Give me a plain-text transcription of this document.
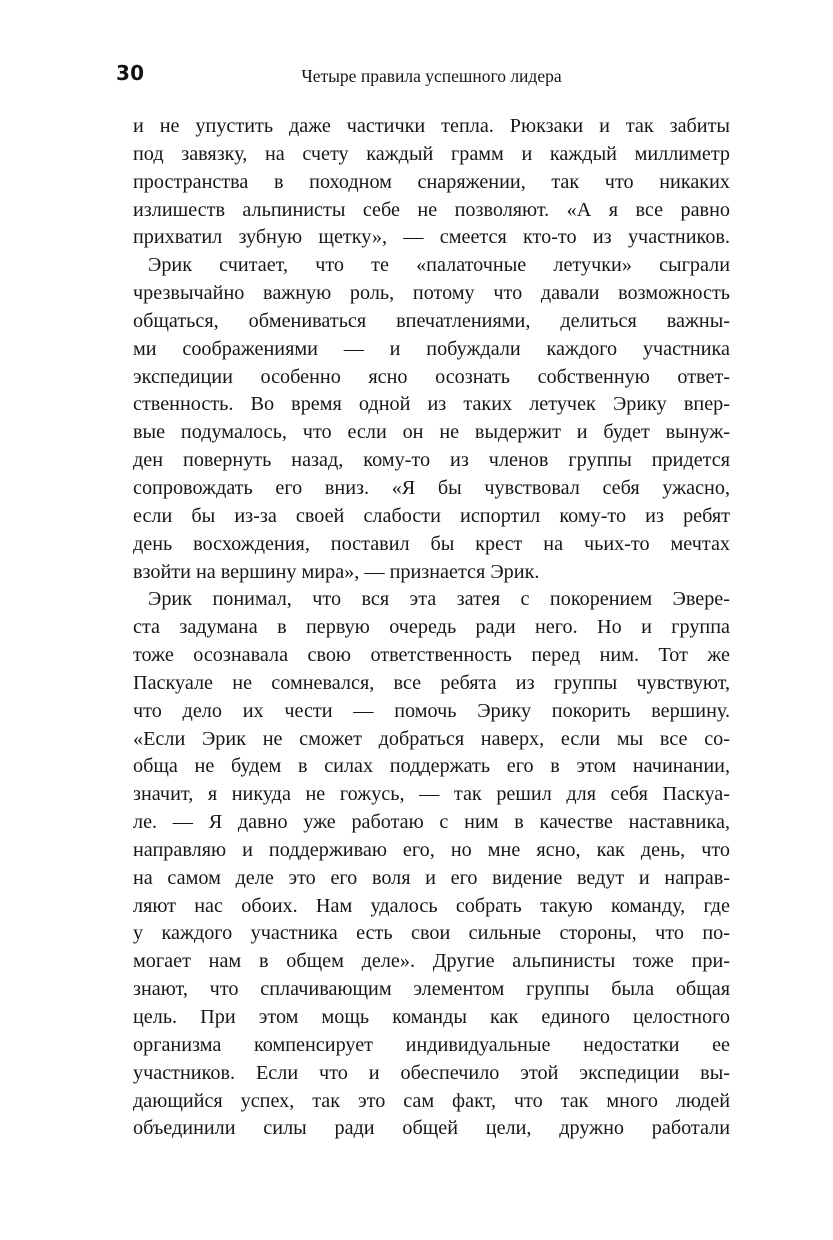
30	Четыре правила успешного лидера
и не упустить даже частички тепла. Рюкзаки и так забиты
под завязку, на счету каждый грамм и каждый миллиметр
пространства в походном снаряжении, так что никаких
излишеств альпинисты себе не позволяют. «А я все равно
прихватил зубную щетку», — смеется кто-то из участников.
Эрик считает, что те «палаточные летучки» сыграли
чрезвычайно важную роль, потому что давали возможность
общаться, обмениваться впечатлениями, делиться важны-
ми соображениями — и побуждали каждого участника
экспедиции особенно ясно осознать собственную ответ-
ственность. Во время одной из таких летучек Эрику впер-
вые подумалось, что если он не выдержит и будет вынуж-
ден повернуть назад, кому-то из членов группы придется
сопровождать его вниз. «Я бы чувствовал себя ужасно,
если бы из-за своей слабости испортил кому-то из ребят
день восхождения, поставил бы крест на чьих-то мечтах
взойти на вершину мира», — признается Эрик.
Эрик понимал, что вся эта затея с покорением Эвере-
ста задумана в первую очередь ради него. Но и группа
тоже осознавала свою ответственность перед ним. Тот же
Паскуале не сомневался, все ребята из группы чувствуют,
что дело их чести — помочь Эрику покорить вершину.
«Если Эрик не сможет добраться наверх, если мы все со-
обща не будем в силах поддержать его в этом начинании,
значит, я никуда не гожусь, — так решил для себя Паскуа-
ле. — Я давно уже работаю с ним в качестве наставника,
направляю и поддерживаю его, но мне ясно, как день, что
на самом деле это его воля и его видение ведут и направ-
ляют нас обоих. Нам удалось собрать такую команду, где
у каждого участника есть свои сильные стороны, что по-
могает нам в общем деле». Другие альпинисты тоже при-
знают, что сплачивающим элементом группы была общая
цель. При этом мощь команды как единого целостного
организма компенсирует индивидуальные недостатки ее
участников. Если что и обеспечило этой экспедиции вы-
дающийся успех, так это сам факт, что так много людей
объединили силы ради общей цели, дружно работали
